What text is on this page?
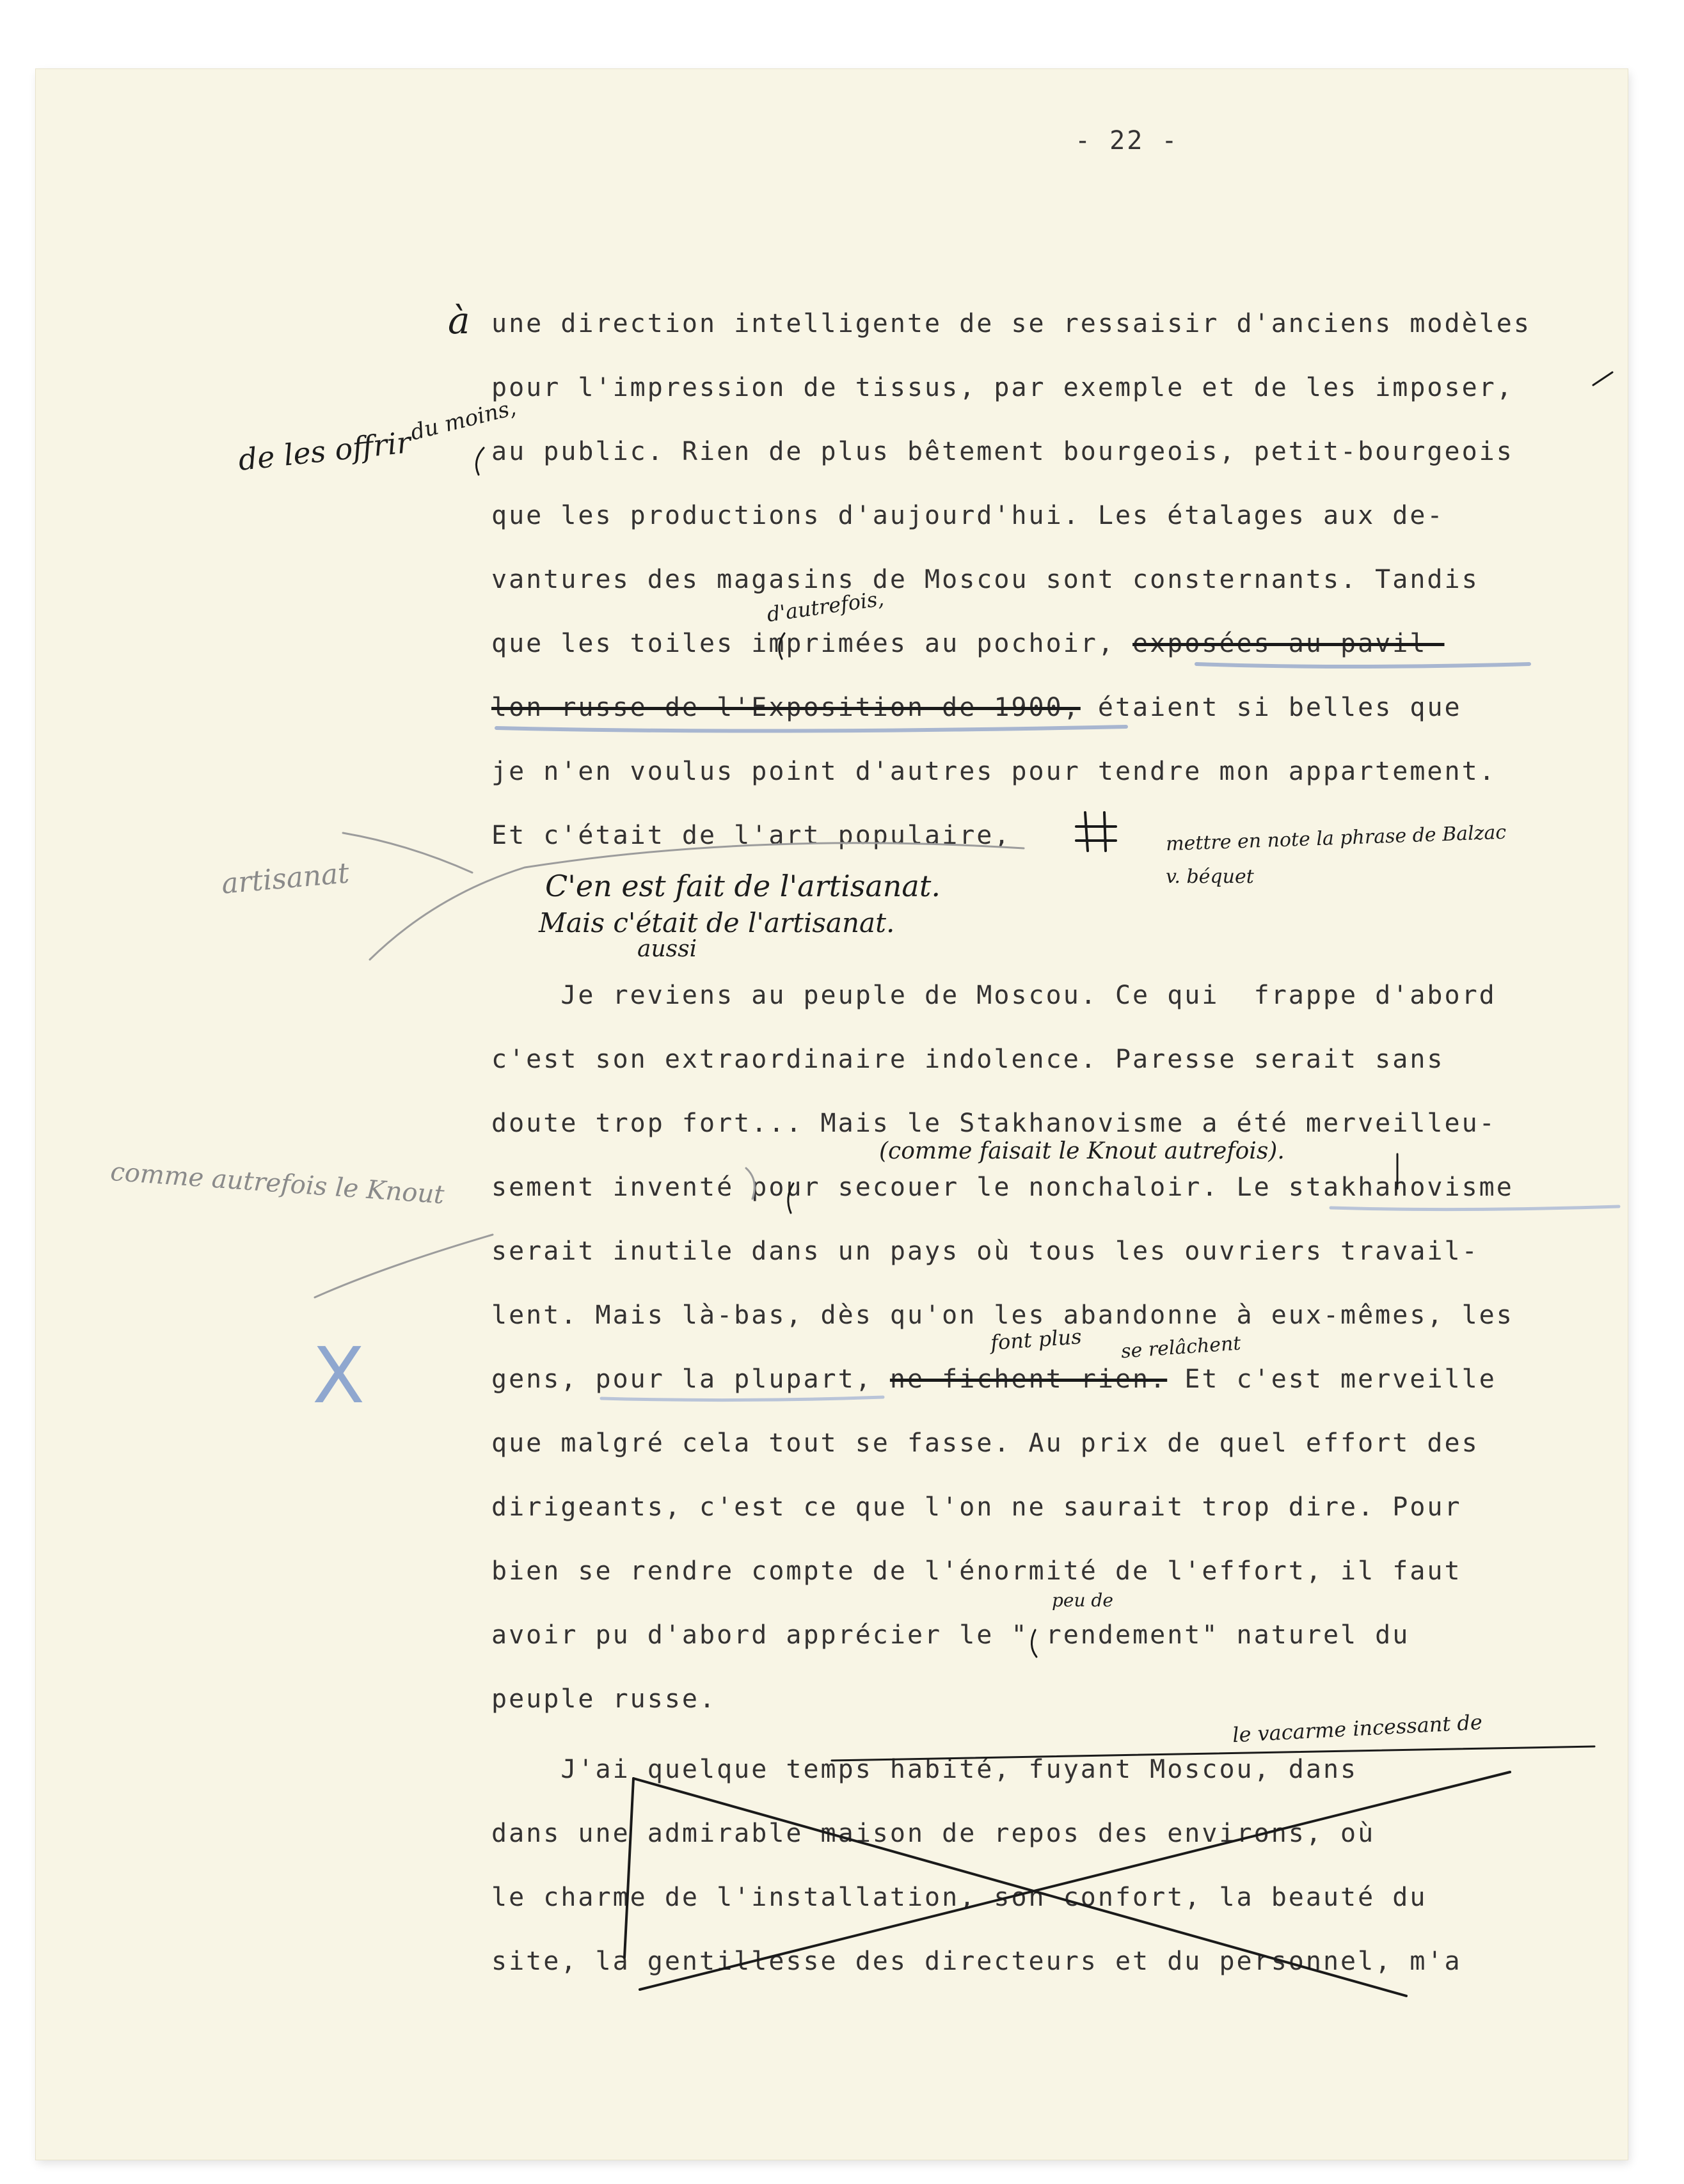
- 22 -
une direction intelligente de se ressaisir d'anciens modèles
pour l'impression de tissus, par exemple et de les imposer,
au public. Rien de plus bêtement bourgeois, petit-bourgeois
que les productions d'aujourd'hui. Les étalages aux de-
vantures des magasins de Moscou sont consternants. Tandis
que les toiles imprimées au pochoir, exposées au pavil-
lon russe de l'Exposition de 1900, étaient si belles que
je n'en voulus point d'autres pour tendre mon appartement.
Et c'était de l'art populaire,
Je reviens au peuple de Moscou. Ce qui  frappe d'abord
c'est son extraordinaire indolence. Paresse serait sans
doute trop fort... Mais le Stakhanovisme a été merveilleu-
sement inventé pour secouer le nonchaloir. Le stakhanovisme
serait inutile dans un pays où tous les ouvriers travail-
lent. Mais là-bas, dès qu'on les abandonne à eux-mêmes, les
gens, pour la plupart, ne fichent rien. Et c'est merveille
que malgré cela tout se fasse. Au prix de quel effort des
dirigeants, c'est ce que l'on ne saurait trop dire. Pour
bien se rendre compte de l'énormité de l'effort, il faut
avoir pu d'abord apprécier le " rendement" naturel du
peuple russe.
J'ai quelque temps habité, fuyant Moscou, dans
dans une admirable maison de repos des environs, où
le charme de l'installation, son confort, la beauté du
site, la gentillesse des directeurs et du personnel, m'a
à
de les offrir
du moins,
d'autrefois,
mettre en note la phrase de Balzac
v. béquet
C'en est fait de l'artisanat.
Mais c'était de l'artisanat.
aussi
(comme faisait le Knout autrefois).
font plus se relâchent
peu de
le vacarme incessant de
artisanat
comme autrefois le Knout
X
